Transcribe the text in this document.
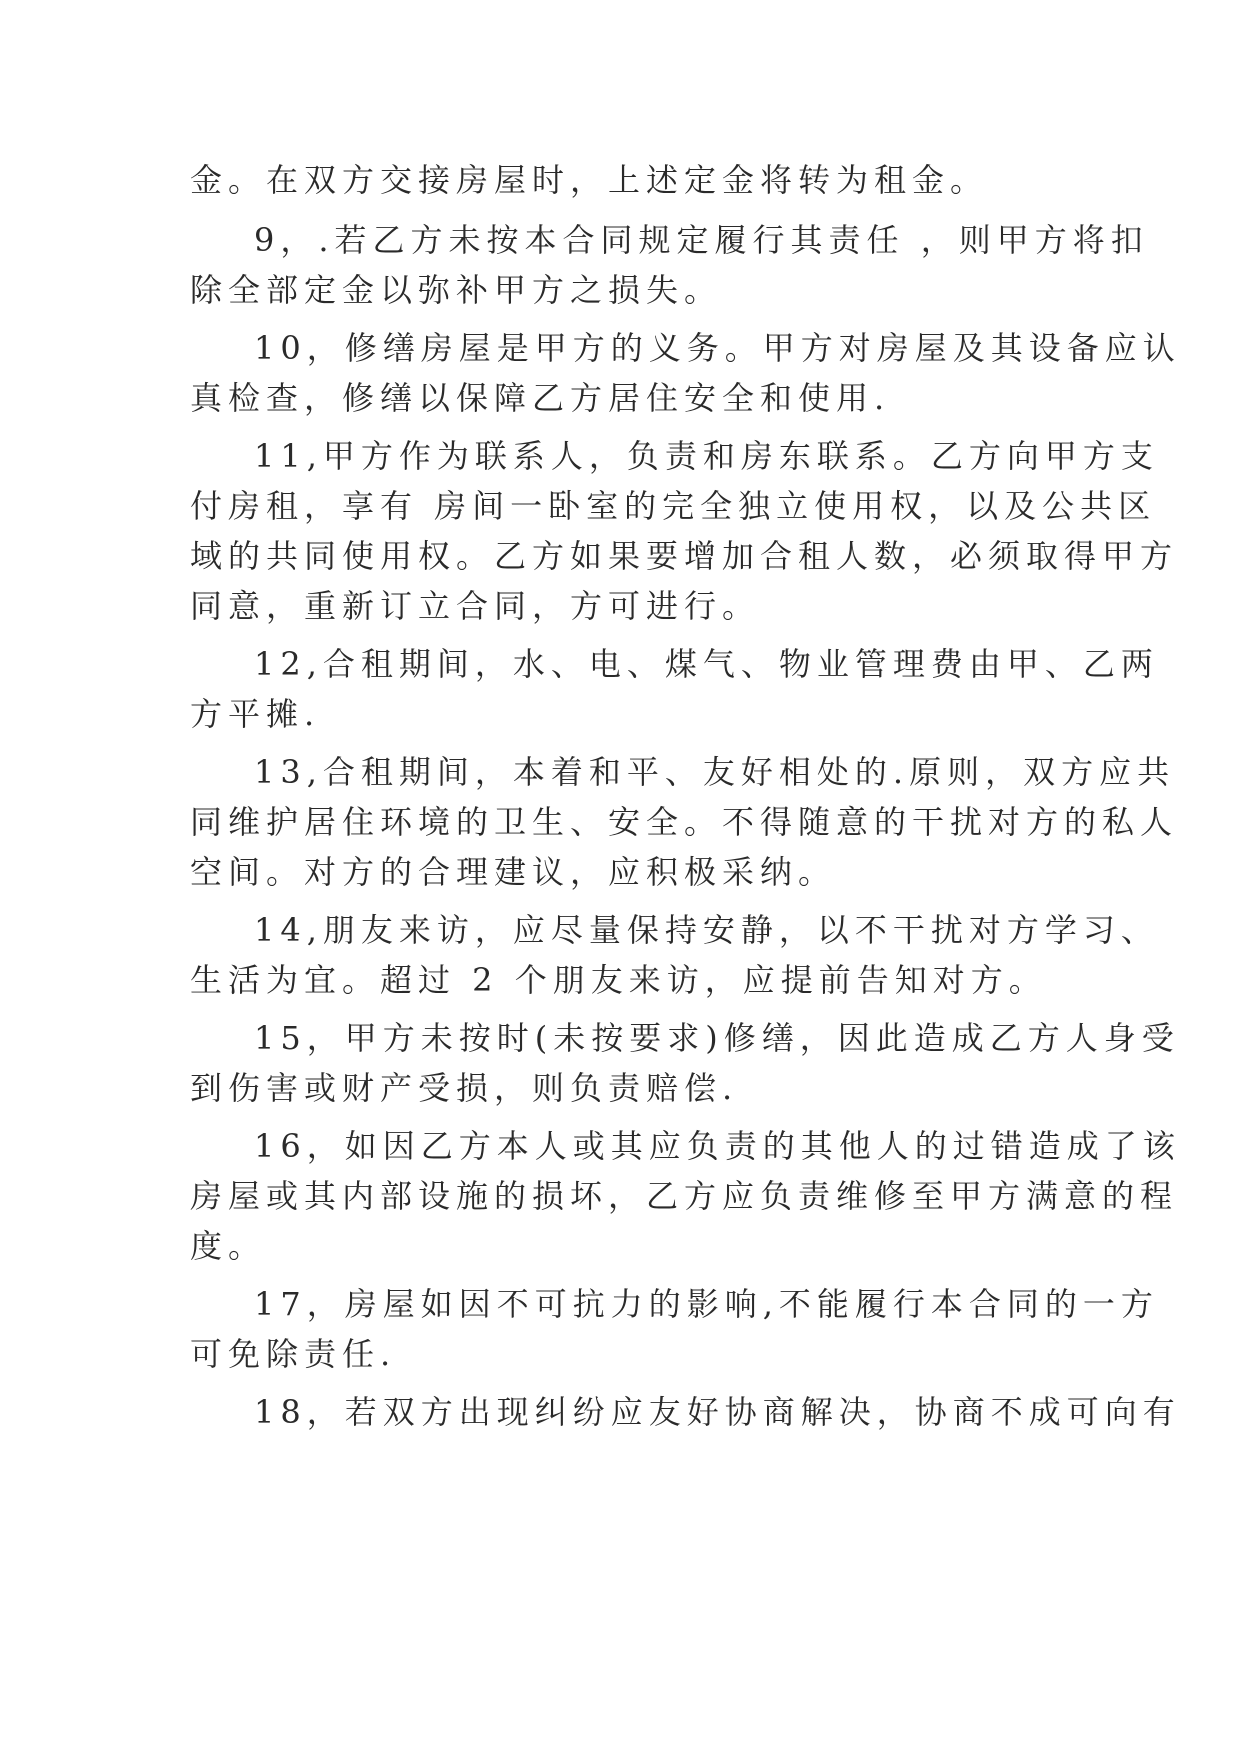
金。在双方交接房屋时，上述定金将转为租金。
9，.若乙方未按本合同规定履行其责任 ，则甲方将扣
除全部定金以弥补甲方之损失。
10，修缮房屋是甲方的义务。甲方对房屋及其设备应认
真检查，修缮以保障乙方居住安全和使用.
11,甲方作为联系人，负责和房东联系。乙方向甲方支
付房租，享有 房间一卧室的完全独立使用权，以及公共区
域的共同使用权。乙方如果要增加合租人数，必须取得甲方
同意，重新订立合同，方可进行。
12,合租期间，水、电、煤气、物业管理费由甲、乙两
方平摊.
13,合租期间，本着和平、友好相处的.原则，双方应共
同维护居住环境的卫生、安全。不得随意的干扰对方的私人
空间。对方的合理建议，应积极采纳。
14,朋友来访，应尽量保持安静，以不干扰对方学习、
生活为宜。超过 2 个朋友来访，应提前告知对方。
15，甲方未按时(未按要求)修缮，因此造成乙方人身受
到伤害或财产受损，则负责赔偿.
16，如因乙方本人或其应负责的其他人的过错造成了该
房屋或其内部设施的损坏，乙方应负责维修至甲方满意的程
度。
17，房屋如因不可抗力的影响,不能履行本合同的一方
可免除责任.
18，若双方出现纠纷应友好协商解决，协商不成可向有
